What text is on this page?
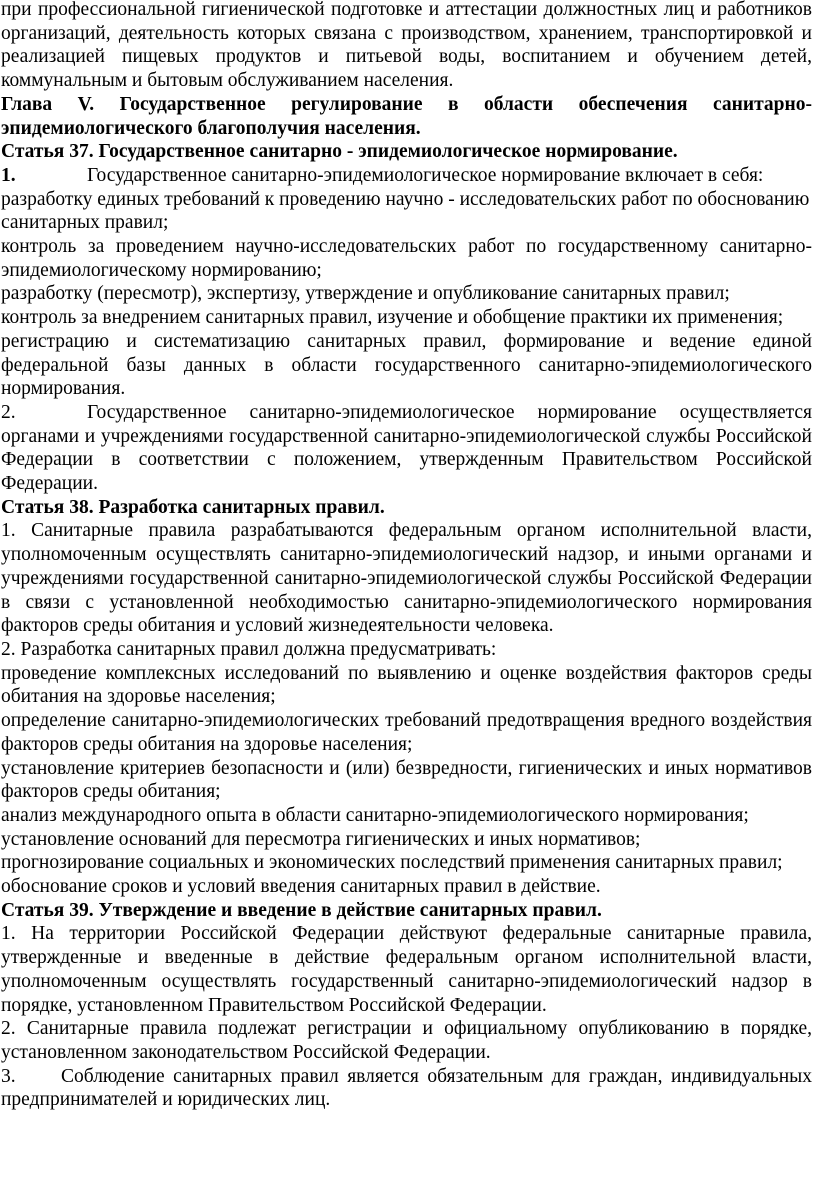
при профессиональной гигиенической подготовке и аттестации должностных лиц и работников организаций, деятельность которых связана с производством, хранением, транспортировкой и реализацией пищевых продуктов и питьевой воды, воспитанием и обучением детей, коммунальным и бытовым обслуживанием населения.

Глава V. Государственное регулирование в области обеспечения санитарно-эпидемиологического благополучия населения.

Статья 37. Государственное санитарно - эпидемиологическое нормирование.

1.	Государственное санитарно-эпидемиологическое нормирование включает в себя:

разработку единых требований к проведению научно - исследовательских работ по обоснованию санитарных правил;

контроль за проведением научно-исследовательских работ по государственному санитарно-эпидемиологическому нормированию;

разработку (пересмотр), экспертизу, утверждение и опубликование санитарных правил;

контроль за внедрением санитарных правил, изучение и обобщение практики их применения;

регистрацию и систематизацию санитарных правил, формирование и ведение единой федеральной базы данных в области государственного санитарно-эпидемиологического нормирования.

2.	Государственное санитарно-эпидемиологическое нормирование осуществляется органами и учреждениями государственной санитарно-эпидемиологической службы Российской Федерации в соответствии с положением, утвержденным Правительством Российской Федерации.

Статья 38. Разработка санитарных правил.

1. Санитарные правила разрабатываются федеральным органом исполнительной власти, уполномоченным осуществлять санитарно-эпидемиологический надзор, и иными органами и учреждениями государственной санитарно-эпидемиологической службы Российской Федерации в связи с установленной необходимостью санитарно-эпидемиологического нормирования факторов среды обитания и условий жизнедеятельности человека.

2. Разработка санитарных правил должна предусматривать:

проведение комплексных исследований по выявлению и оценке воздействия факторов среды обитания на здоровье населения;

определение санитарно-эпидемиологических требований предотвращения вредного воздействия факторов среды обитания на здоровье населения;

установление критериев безопасности и (или) безвредности, гигиенических и иных нормативов факторов среды обитания;

анализ международного опыта в области санитарно-эпидемиологического нормирования;

установление оснований для пересмотра гигиенических и иных нормативов;

прогнозирование социальных и экономических последствий применения санитарных правил;

обоснование сроков и условий введения санитарных правил в действие.

Статья 39. Утверждение и введение в действие санитарных правил.

1. На территории Российской Федерации действуют федеральные санитарные правила, утвержденные и введенные в действие федеральным органом исполнительной власти, уполномоченным осуществлять государственный санитарно-эпидемиологический надзор в порядке, установленном Правительством Российской Федерации.

2. Санитарные правила подлежат регистрации и официальному опубликованию в порядке, установленном законодательством Российской Федерации.

3. Соблюдение санитарных правил является обязательным для граждан, индивидуальных предпринимателей и юридических лиц.
